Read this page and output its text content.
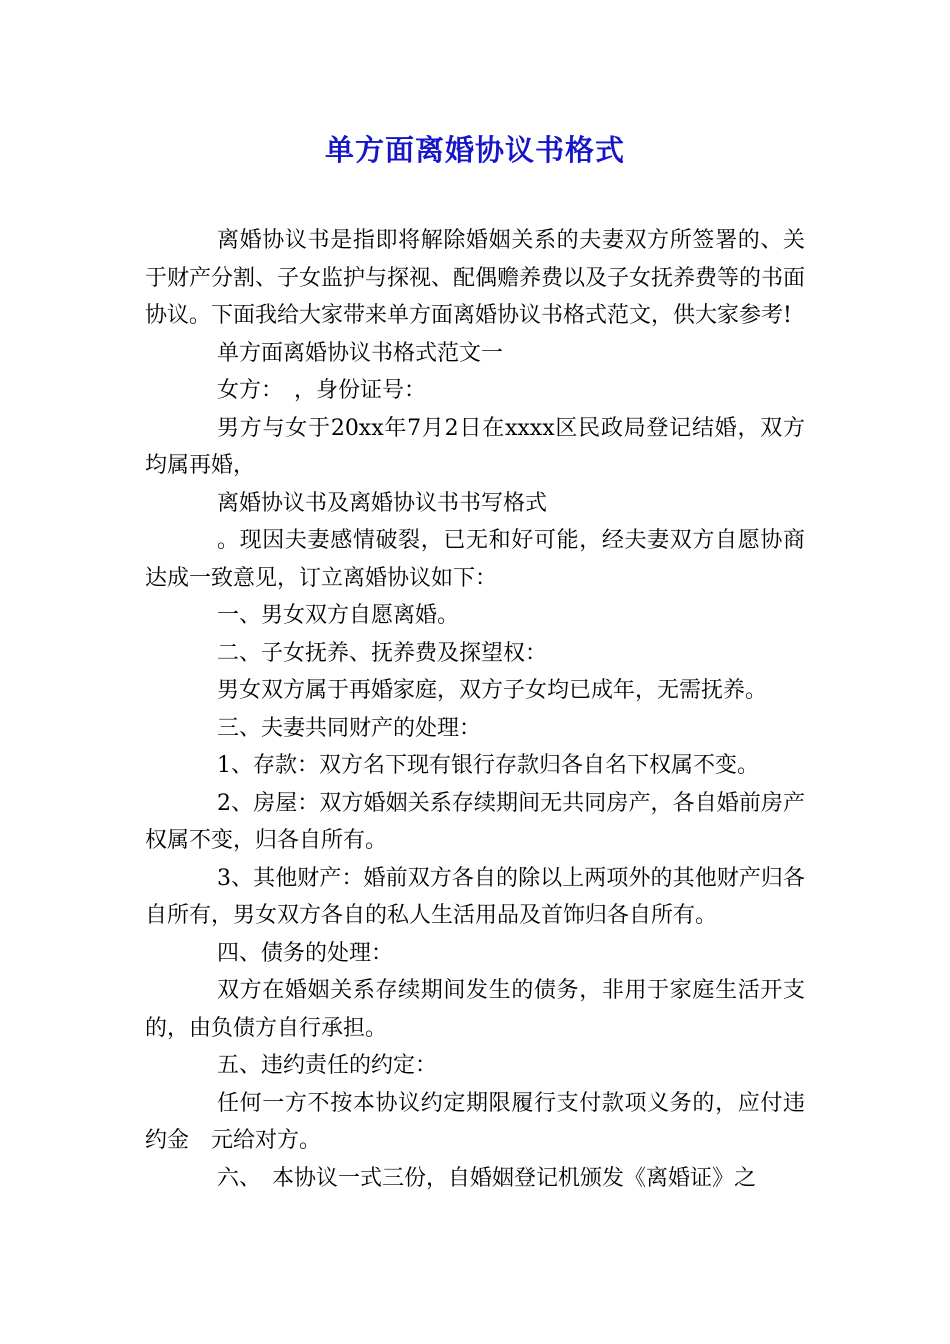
单方面离婚协议书格式

离婚协议书是指即将解除婚姻关系的夫妻双方所签署的、关于财产分割、子女监护与探视、配偶赡养费以及子女抚养费等的书面协议。下面我给大家带来单方面离婚协议书格式范文，供大家参考!

单方面离婚协议书格式范文一

女方：　，身份证号：

男方与女于20xx年7月2日在xxxx区民政局登记结婚，双方均属再婚，

离婚协议书及离婚协议书书写格式

。现因夫妻感情破裂，已无和好可能，经夫妻双方自愿协商达成一致意见，订立离婚协议如下：

一、男女双方自愿离婚。

二、子女抚养、抚养费及探望权：

男女双方属于再婚家庭，双方子女均已成年，无需抚养。

三、夫妻共同财产的处理：

1、存款：双方名下现有银行存款归各自名下权属不变。

2、房屋：双方婚姻关系存续期间无共同房产，各自婚前房产权属不变，归各自所有。

3、其他财产：婚前双方各自的除以上两项外的其他财产归各自所有，男女双方各自的私人生活用品及首饰归各自所有。

四、债务的处理：

双方在婚姻关系存续期间发生的债务，非用于家庭生活开支的，由负债方自行承担。

五、违约责任的约定：

任何一方不按本协议约定期限履行支付款项义务的，应付违约金　元给对方。

六、　本协议一式三份，自婚姻登记机颁发《离婚证》之
